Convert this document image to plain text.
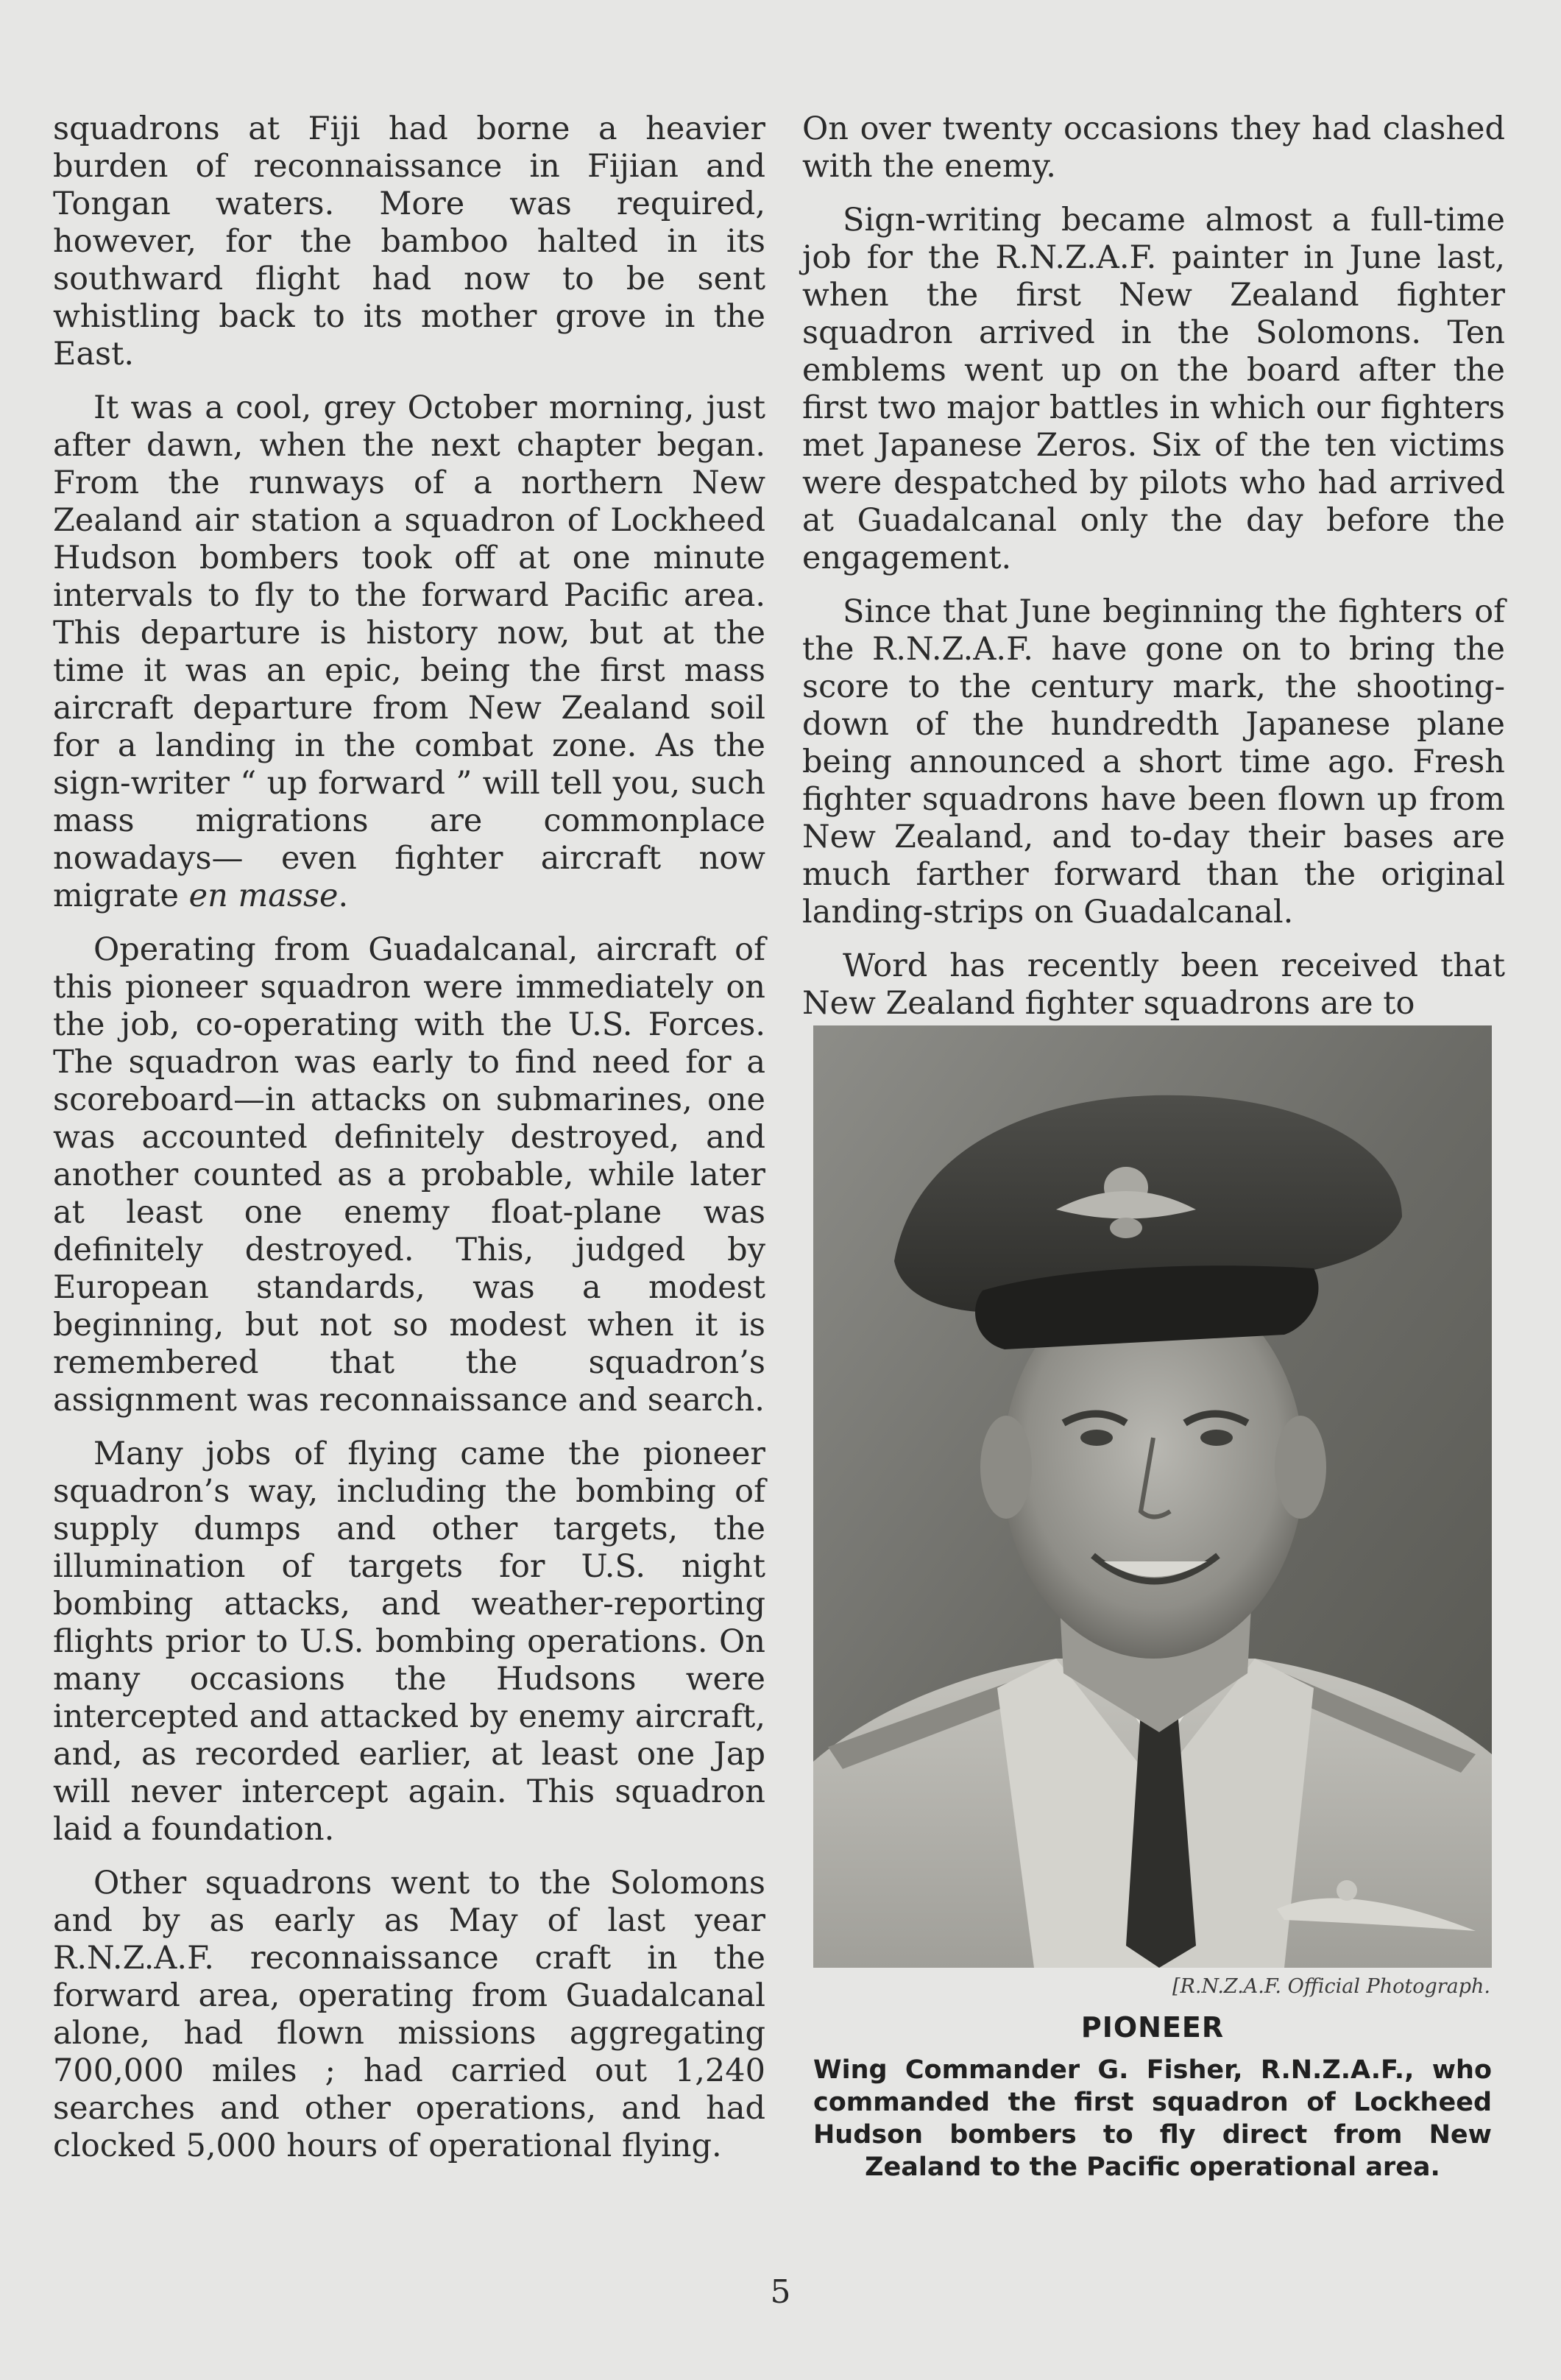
squadrons at Fiji had borne a heavier burden of reconnaissance in Fijian and Tongan waters. More was required, however, for the bamboo halted in its southward flight had now to be sent whistling back to its mother grove in the East.

It was a cool, grey October morning, just after dawn, when the next chapter began. From the runways of a northern New Zealand air station a squadron of Lockheed Hudson bombers took off at one minute intervals to fly to the forward Pacific area. This departure is history now, but at the time it was an epic, being the first mass aircraft departure from New Zealand soil for a landing in the combat zone. As the sign-writer “ up forward ” will tell you, such mass migrations are commonplace nowadays— even fighter aircraft now migrate en masse.

Operating from Guadalcanal, aircraft of this pioneer squadron were immediately on the job, co-operating with the U.S. Forces. The squadron was early to find need for a scoreboard—in attacks on submarines, one was accounted definitely destroyed, and another counted as a probable, while later at least one enemy float-plane was definitely destroyed. This, judged by European standards, was a modest beginning, but not so modest when it is remembered that the squadron’s assignment was reconnaissance and search.

Many jobs of flying came the pioneer squadron’s way, including the bombing of supply dumps and other targets, the illumination of targets for U.S. night bombing attacks, and weather-reporting flights prior to U.S. bombing operations. On many occasions the Hudsons were intercepted and attacked by enemy aircraft, and, as recorded earlier, at least one Jap will never intercept again. This squadron laid a foundation.

Other squadrons went to the Solomons and by as early as May of last year R.N.Z.A.F. reconnaissance craft in the forward area, operating from Guadalcanal alone, had flown missions aggregating 700,000 miles ; had carried out 1,240 searches and other operations, and had clocked 5,000 hours of operational flying.

On over twenty occasions they had clashed with the enemy.

Sign-writing became almost a full-time job for the R.N.Z.A.F. painter in June last, when the first New Zealand fighter squadron arrived in the Solomons. Ten emblems went up on the board after the first two major battles in which our fighters met Japanese Zeros. Six of the ten victims were despatched by pilots who had arrived at Guadalcanal only the day before the engagement.

Since that June beginning the fighters of the R.N.Z.A.F. have gone on to bring the score to the century mark, the shooting-down of the hundredth Japanese plane being announced a short time ago. Fresh fighter squadrons have been flown up from New Zealand, and to-day their bases are much farther forward than the original landing-strips on Guadalcanal.

Word has recently been received that New Zealand fighter squadrons are to

[R.N.Z.A.F. Official Photograph.
PIONEER
Wing Commander G. Fisher, R.N.Z.A.F., who commanded the first squadron of Lockheed Hudson bombers to fly direct from New Zealand to the Pacific operational area.
5
